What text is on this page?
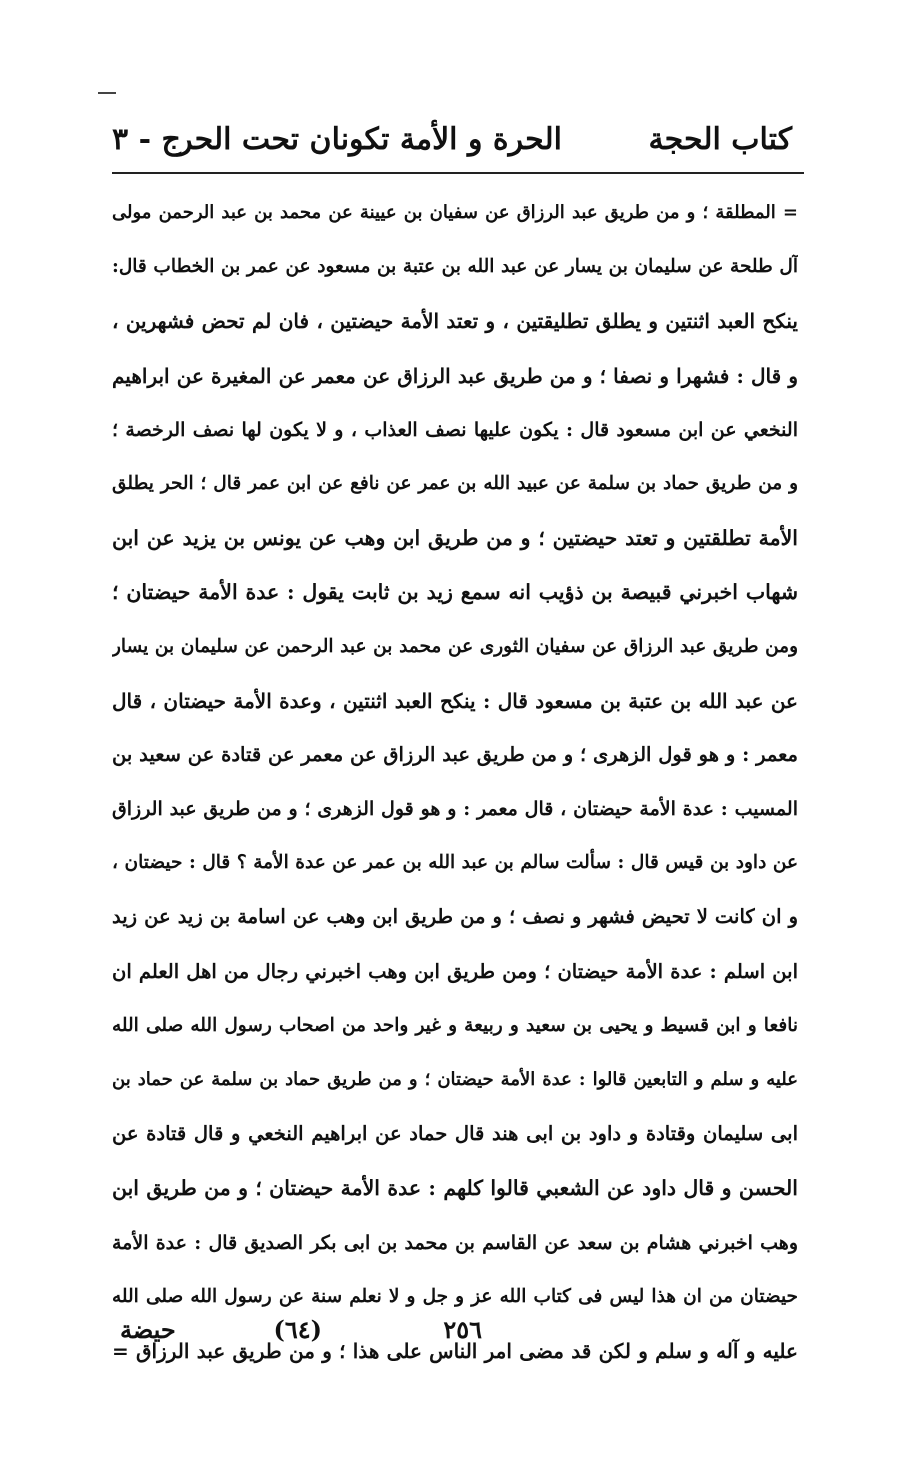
كتاب الحجة
الحرة و الأمة تكونان تحت الحر
ج - ٣
= المطلقة ؛ و من طريق عبد الرزاق عن سفيان بن عيينة عن محمد بن عبد الرحمن مولى
آل طلحة عن سليمان بن يسار عن عبد الله بن عتبة بن مسعود عن عمر بن الخطاب قال:
ينكح العبد اثنتين و يطلق تطليقتين ، و تعتد الأمة حيضتين ، فان لم تحض فشهرين ،
و قال : فشهرا و نصفا ؛ و من طريق عبد الرزاق عن معمر عن المغيرة عن ابراهيم
النخعي عن ابن مسعود قال : يكون عليها نصف العذاب ، و لا يكون لها نصف الرخصة ؛
و من طريق حماد بن سلمة عن عبيد الله بن عمر عن نافع عن ابن عمر قال ؛ الحر يطلق
الأمة تطلقتين و تعتد حيضتين ؛ و من طريق ابن وهب عن يونس بن يزيد عن ابن
شهاب اخبرني قبيصة بن ذؤيب انه سمع زيد بن ثابت يقول : عدة الأمة حيضتان ؛
ومن طريق عبد الرزاق عن سفيان الثورى عن محمد بن عبد الرحمن عن سليمان بن يسار
عن عبد الله بن عتبة بن مسعود قال : ينكح العبد اثنتين ، وعدة الأمة حيضتان ، قال
معمر : و هو قول الزهرى ؛ و من طريق عبد الرزاق عن معمر عن قتادة عن سعيد بن
المسيب : عدة الأمة حيضتان ، قال معمر : و هو قول الزهرى ؛ و من طريق عبد الرزاق
عن داود بن قيس قال : سألت سالم بن عبد الله بن عمر عن عدة الأمة ؟ قال : حيضتان ،
و ان كانت لا تحيض فشهر و نصف ؛ و من طريق ابن وهب عن اسامة بن زيد عن زيد
ابن اسلم : عدة الأمة حيضتان ؛ ومن طريق ابن وهب اخبرني رجال من اهل العلم ان
نافعا و ابن قسيط و يحيى بن سعيد و ربيعة و غير واحد من اصحاب رسول الله صلى الله
عليه و سلم و التابعين قالوا : عدة الأمة حيضتان ؛ و من طريق حماد بن سلمة عن حماد بن
ابى سليمان وقتادة و داود بن ابى هند قال حماد عن ابراهيم النخعي و قال قتادة عن
الحسن و قال داود عن الشعبي قالوا كلهم : عدة الأمة حيضتان ؛ و من طريق ابن
وهب اخبرني هشام بن سعد عن القاسم بن محمد بن ابى بكر الصديق قال : عدة الأمة
حيضتان من ان هذا ليس فى كتاب الله عز و جل و لا نعلم سنة عن رسول الله صلى الله
عليه و آله و سلم و لكن قد مضى امر الناس على هذا ؛ و من طريق عبد الرزاق =
٢٥٦
(٦٤)
حيضة
